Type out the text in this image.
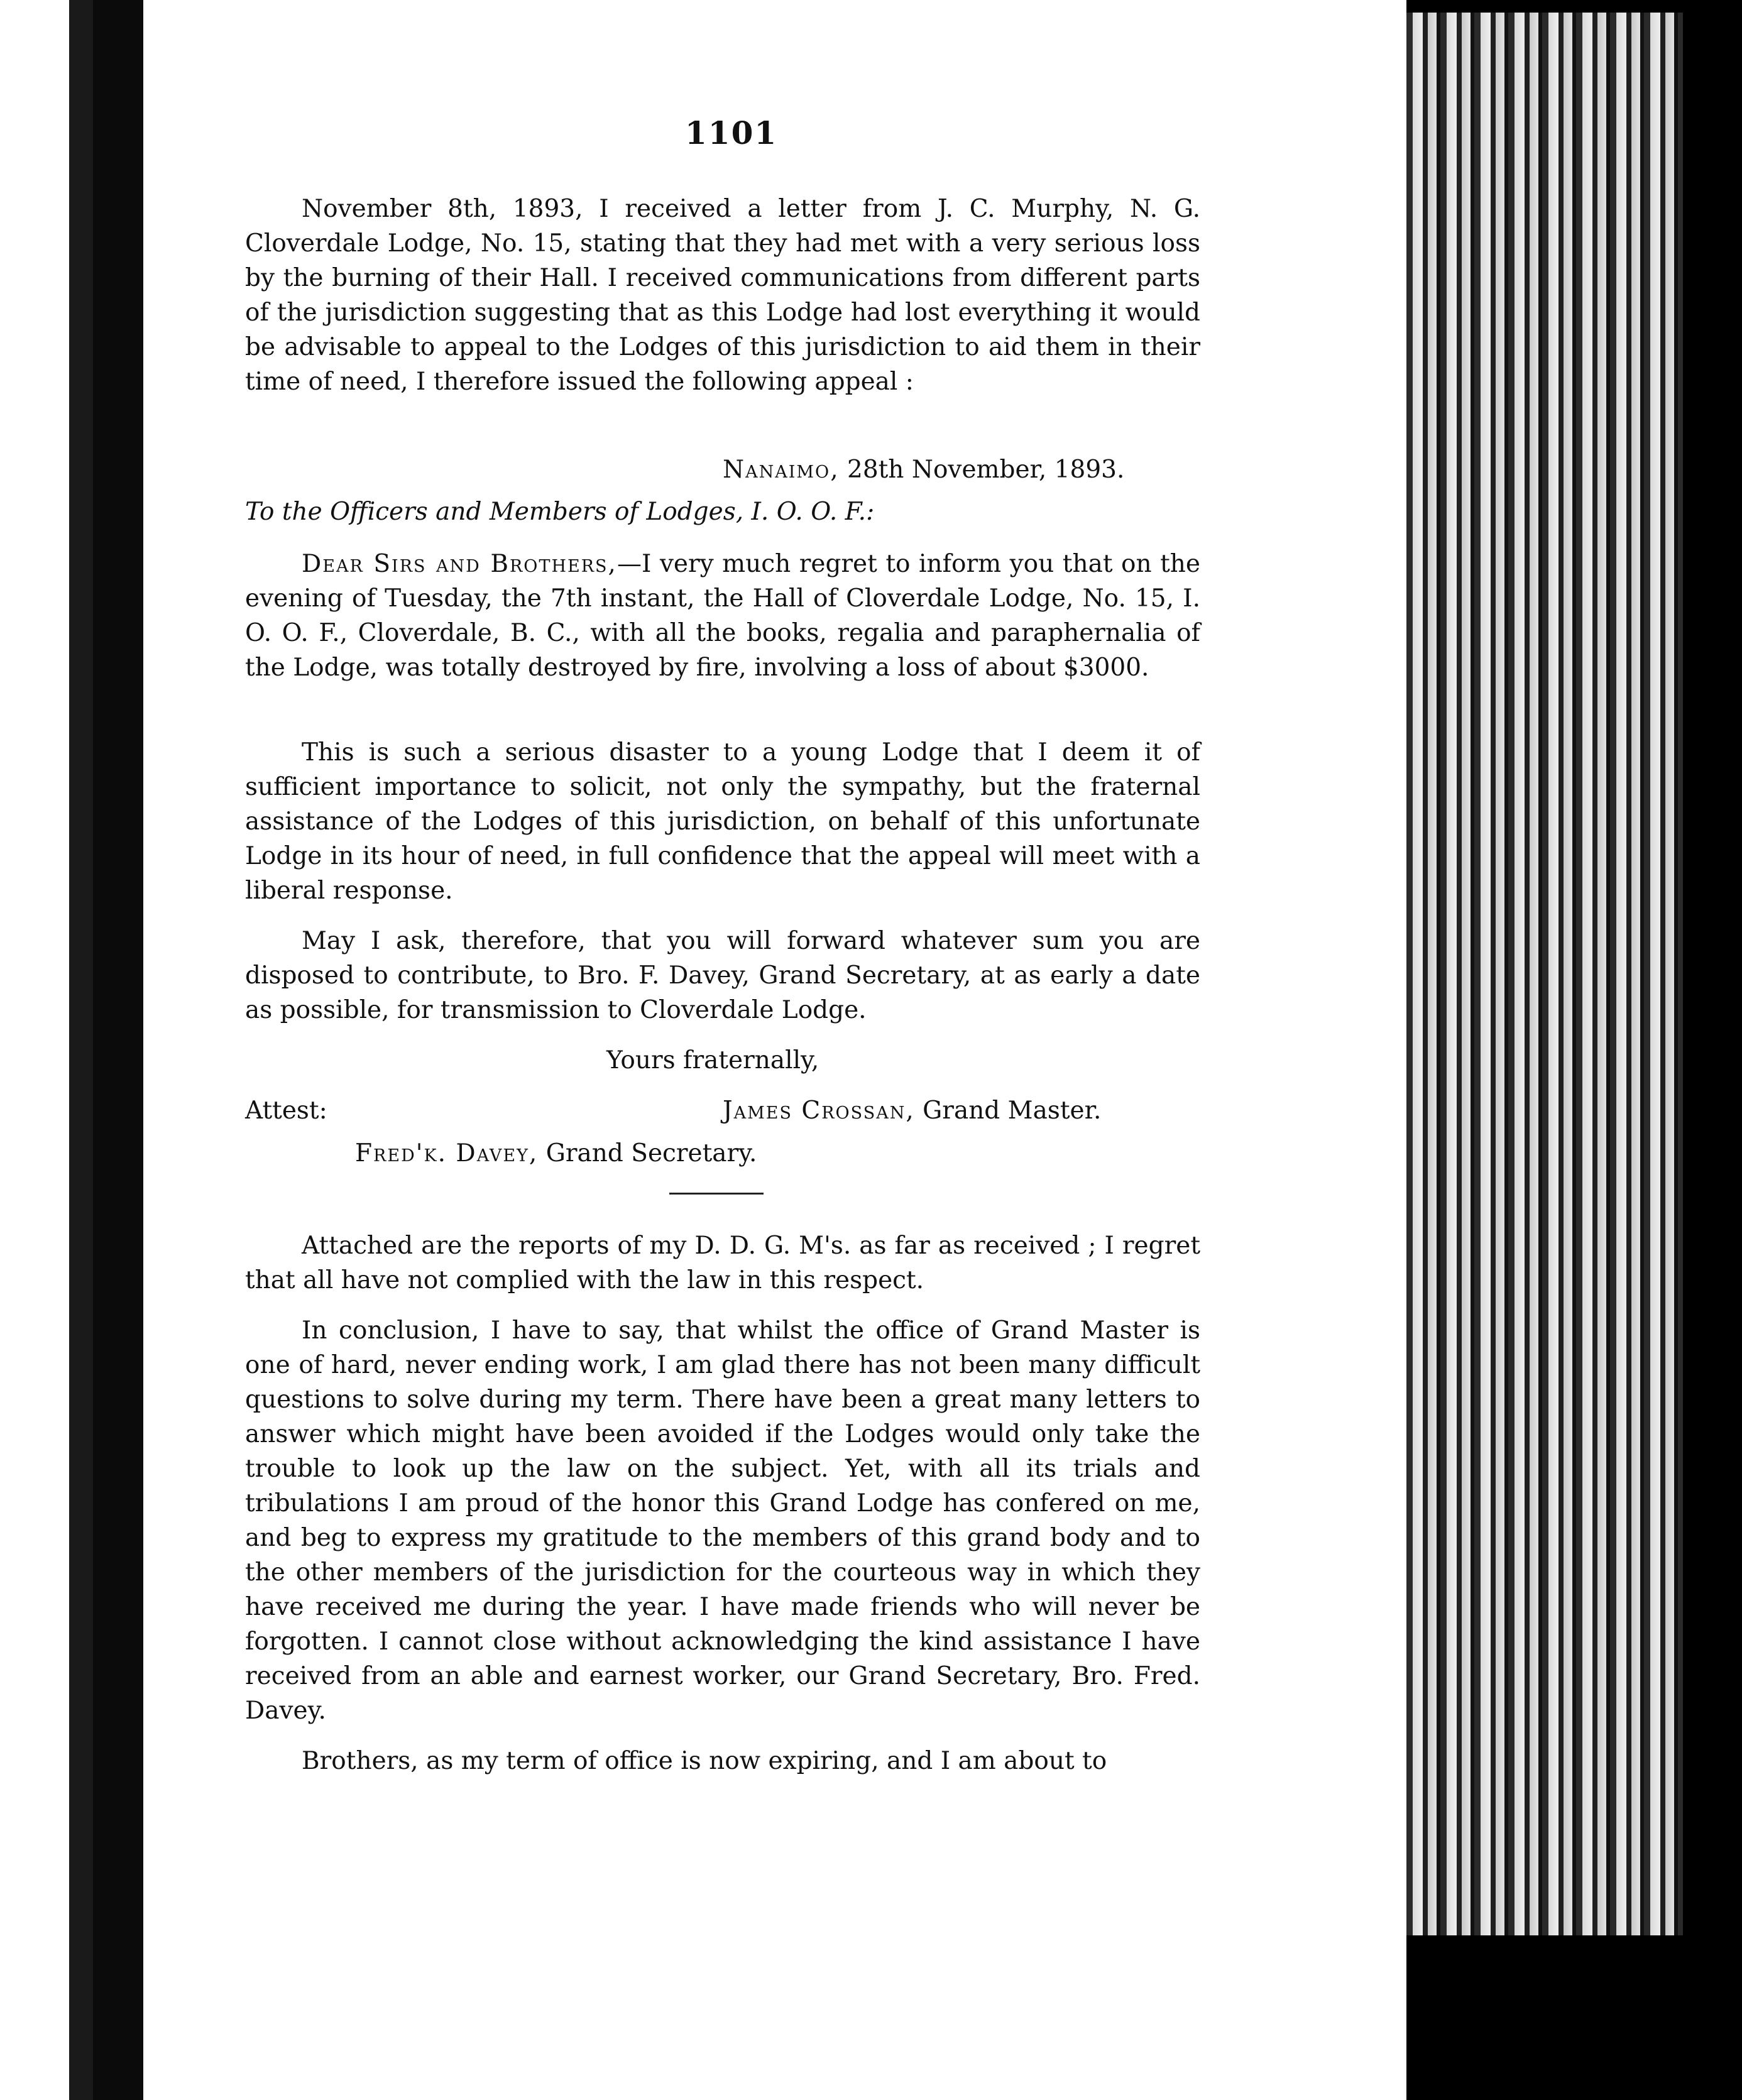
1101

November 8th, 1893, I received a letter from J. C. Murphy, N. G. Cloverdale Lodge, No. 15, stating that they had met with a very serious loss by the burning of their Hall. I received communications from different parts of the jurisdiction suggesting that as this Lodge had lost everything it would be advisable to appeal to the Lodges of this jurisdiction to aid them in their time of need, I therefore issued the following appeal :

Nanaimo, 28th November, 1893.
To the Officers and Members of Lodges, I. O. O. F.:

Dear Sirs and Brothers,—I very much regret to inform you that on the evening of Tuesday, the 7th instant, the Hall of Cloverdale Lodge, No. 15, I. O. O. F., Cloverdale, B. C., with all the books, regalia and paraphernalia of the Lodge, was totally destroyed by fire, involving a loss of about $3000.

This is such a serious disaster to a young Lodge that I deem it of sufficient importance to solicit, not only the sympathy, but the fraternal assistance of the Lodges of this jurisdiction, on behalf of this unfortunate Lodge in its hour of need, in full confidence that the appeal will meet with a liberal response.

May I ask, therefore, that you will forward whatever sum you are disposed to contribute, to Bro. F. Davey, Grand Secretary, at as early a date as possible, for transmission to Cloverdale Lodge.

Yours fraternally,
Attest:	James Crossan, Grand Master.
Fred'k. Davey, Grand Secretary.

Attached are the reports of my D. D. G. M's. as far as received ; I regret that all have not complied with the law in this respect.

In conclusion, I have to say, that whilst the office of Grand Master is one of hard, never ending work, I am glad there has not been many difficult questions to solve during my term. There have been a great many letters to answer which might have been avoided if the Lodges would only take the trouble to look up the law on the subject. Yet, with all its trials and tribulations I am proud of the honor this Grand Lodge has confered on me, and beg to express my gratitude to the members of this grand body and to the other members of the jurisdiction for the courteous way in which they have received me during the year. I have made friends who will never be forgotten. I cannot close without acknowledging the kind assistance I have received from an able and earnest worker, our Grand Secretary, Bro. Fred. Davey.

Brothers, as my term of office is now expiring, and I am about to
